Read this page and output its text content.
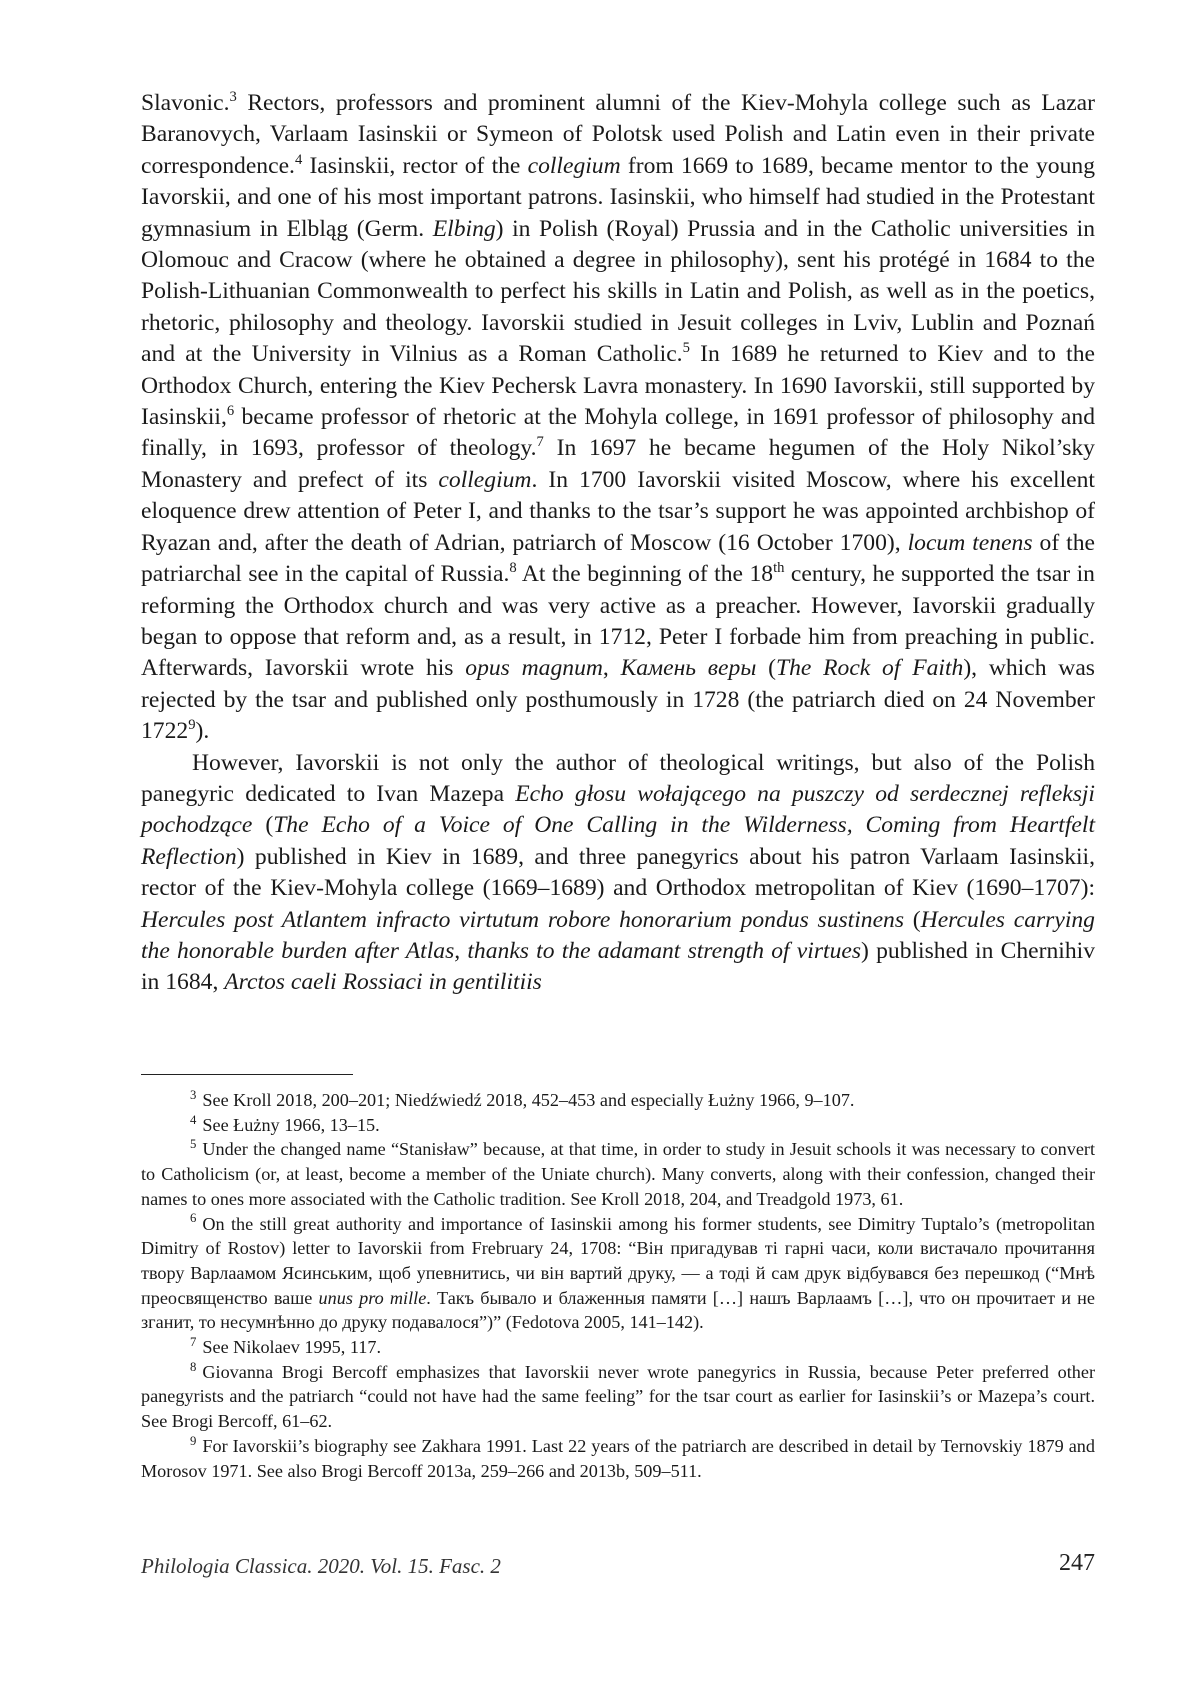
Slavonic.$^3$ Rectors, professors and prominent alumni of the Kiev-Mohyla college such as Lazar Baranovych, Varlaam Iasinskii or Symeon of Polotsk used Polish and Latin even in their private correspondence.$^4$ Iasinskii, rector of the collegium from 1669 to 1689, became mentor to the young Iavorskii, and one of his most important patrons. Iasinskii, who himself had studied in the Protestant gymnasium in Elbląg (Germ. Elbing) in Polish (Royal) Prussia and in the Catholic universities in Olomouc and Cracow (where he obtained a degree in philosophy), sent his protégé in 1684 to the Polish-Lithuanian Commonwealth to perfect his skills in Latin and Polish, as well as in the poetics, rhetoric, philosophy and theology. Iavorskii studied in Jesuit colleges in Lviv, Lublin and Poznań and at the University in Vilnius as a Roman Catholic.$^5$ In 1689 he returned to Kiev and to the Orthodox Church, entering the Kiev Pechersk Lavra monastery. In 1690 Iavorskii, still supported by Iasinskii,$^6$ became professor of rhetoric at the Mohyla college, in 1691 professor of philosophy and finally, in 1693, professor of theology.$^7$ In 1697 he became hegumen of the Holy Nikol’sky Monastery and prefect of its collegium. In 1700 Iavorskii visited Moscow, where his excellent eloquence drew attention of Peter I, and thanks to the tsar’s support he was appointed archbishop of Ryazan and, after the death of Adrian, patriarch of Moscow (16 October 1700), locum tenens of the patriarchal see in the capital of Russia.$^8$ At the beginning of the 18th century, he supported the tsar in reforming the Orthodox church and was very active as a preacher. However, Iavorskii gradually began to oppose that reform and, as a result, in 1712, Peter I forbade him from preaching in public. Afterwards, Iavorskii wrote his opus magnum, Камень веры (The Rock of Faith), which was rejected by the tsar and published only posthumously in 1728 (the patriarch died on 24 November 1722$^9$).

However, Iavorskii is not only the author of theological writings, but also of the Polish panegyric dedicated to Ivan Mazepa Echo głosu wołającego na puszczy od serdecznej refleksji pochodzące (The Echo of a Voice of One Calling in the Wilderness, Coming from Heartfelt Reflection) published in Kiev in 1689, and three panegyrics about his patron Varlaam Iasinskii, rector of the Kiev-Mohyla college (1669–1689) and Orthodox metropolitan of Kiev (1690–1707): Hercules post Atlantem infracto virtutum robore honorarium pondus sustinens (Hercules carrying the honorable burden after Atlas, thanks to the adamant strength of virtues) published in Chernihiv in 1684, Arctos caeli Rossiaci in gentilitiis

$^3$ See Kroll 2018, 200–201; Niedźwiedź 2018, 452–453 and especially Łużny 1966, 9–107.

$^4$ See Łużny 1966, 13–15.

$^5$ Under the changed name “Stanisław” because, at that time, in order to study in Jesuit schools it was necessary to convert to Catholicism (or, at least, become a member of the Uniate church). Many converts, along with their confession, changed their names to ones more associated with the Catholic tradition. See Kroll 2018, 204, and Treadgold 1973, 61.

$^6$ On the still great authority and importance of Iasinskii among his former students, see Dimitry Tuptalo’s (metropolitan Dimitry of Rostov) letter to Iavorskii from Frebruary 24, 1708: “Він пригадував ті гарні часи, коли вистачало прочитання твору Варлаамом Ясинським, щоб упевнитись, чи він вартий друку, — а тоді й сам друк відбувався без перешкод (“Мнѣ преосвященство ваше unus pro mille. Такъ бывало и блаженныя памяти […] нашъ Варлаамъ […], что он прочитает и не зганит, то несумнѣнно до друку подавалося”)” (Fedotova 2005, 141–142).

$^7$ See Nikolaev 1995, 117.

$^8$ Giovanna Brogi Bercoff emphasizes that Iavorskii never wrote panegyrics in Russia, because Peter preferred other panegyrists and the patriarch “could not have had the same feeling” for the tsar court as earlier for Iasinskii’s or Mazepa’s court. See Brogi Bercoff, 61–62.

$^9$ For Iavorskii’s biography see Zakhara 1991. Last 22 years of the patriarch are described in detail by Ternovskiy 1879 and Morosov 1971. See also Brogi Bercoff 2013a, 259–266 and 2013b, 509–511.

Philologia Classica. 2020. Vol. 15. Fasc. 2	247
